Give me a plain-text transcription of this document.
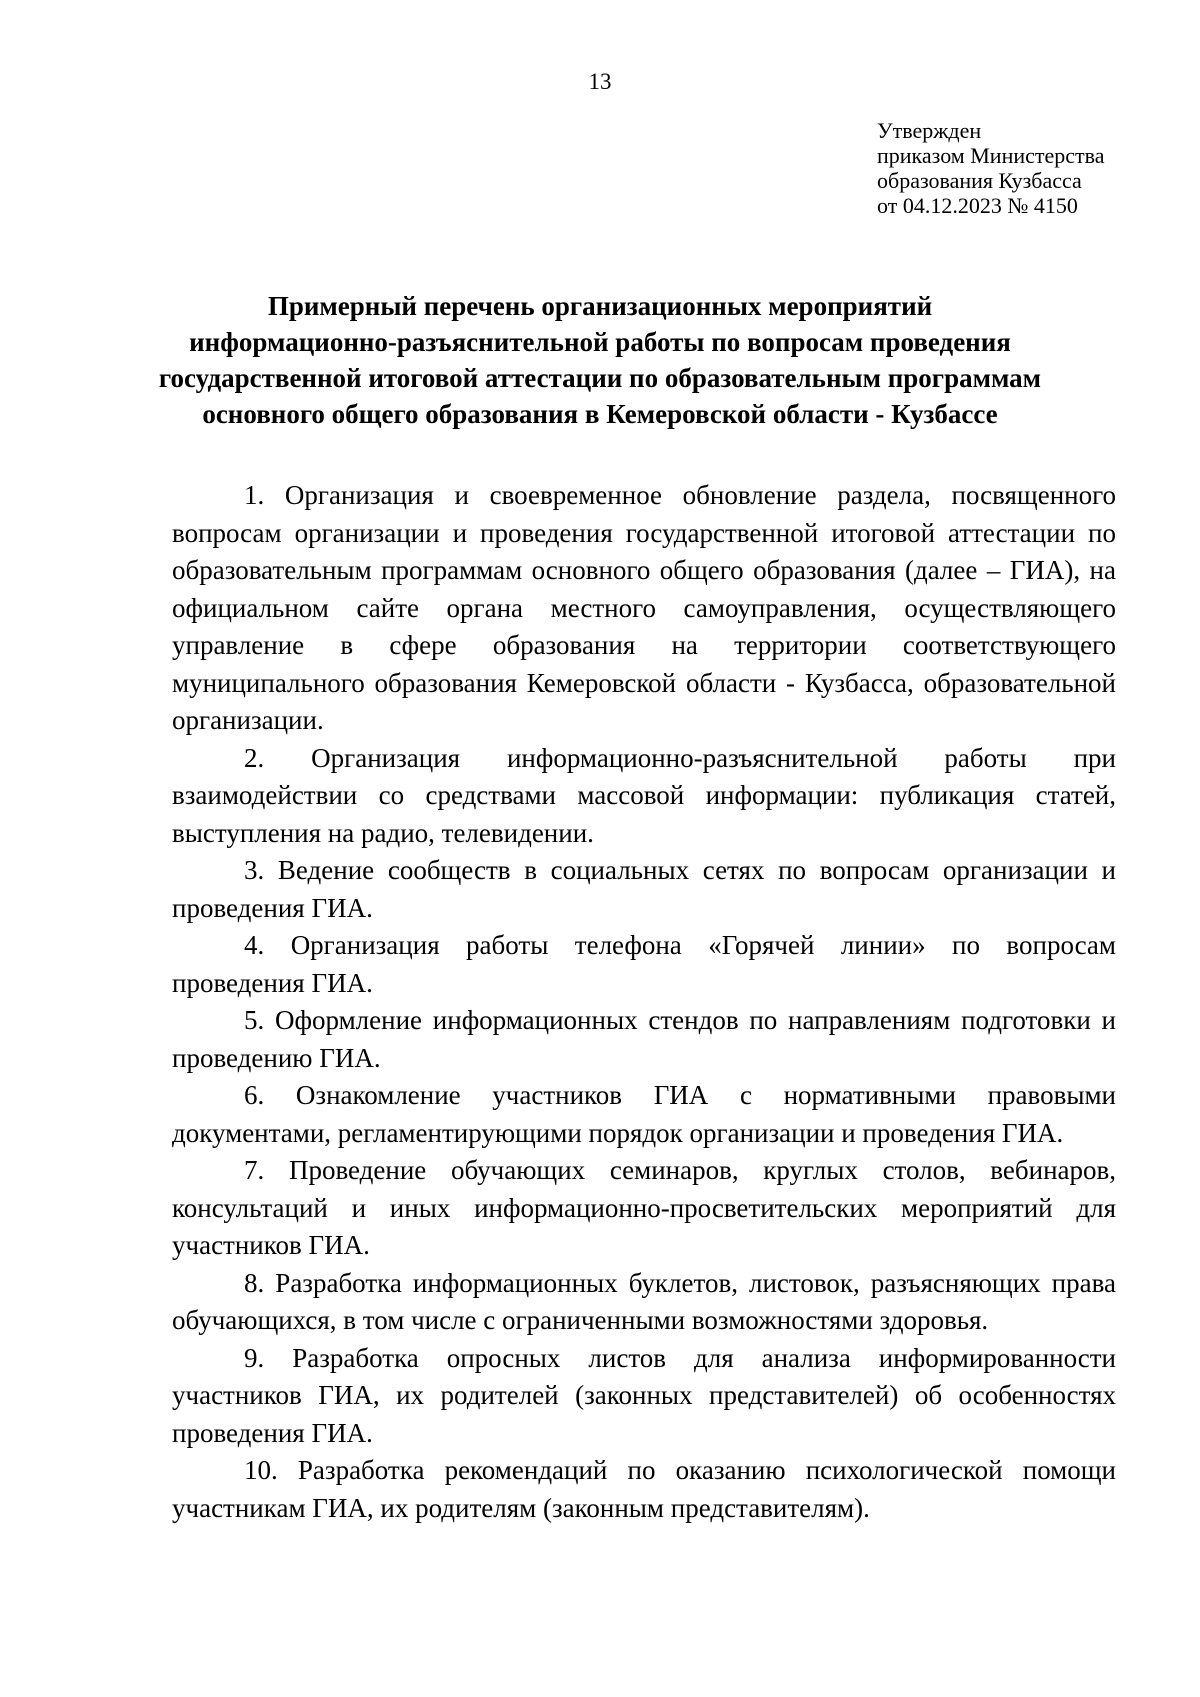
13
Утвержден
приказом Министерства
образования Кузбасса
от 04.12.2023 № 4150
Примерный перечень организационных мероприятий
информационно-разъяснительной работы по вопросам проведения
государственной итоговой аттестации по образовательным программам
основного общего образования в Кемеровской области - Кузбассе

1. Организация и своевременное обновление раздела, посвященного вопросам организации и проведения государственной итоговой аттестации по образовательным программам основного общего образования (далее – ГИА), на официальном сайте органа местного самоуправления, осуществляющего управление в сфере образования на территории соответствующего муниципального образования Кемеровской области - Кузбасса, образовательной организации.

2. Организация информационно-разъяснительной работы при взаимодействии со средствами массовой информации: публикация статей, выступления на радио, телевидении.

3. Ведение сообществ в социальных сетях по вопросам организации и проведения ГИА.

4. Организация работы телефона «Горячей линии» по вопросам проведения ГИА.

5. Оформление информационных стендов по направлениям подготовки и проведению ГИА.

6. Ознакомление участников ГИА с нормативными правовыми документами, регламентирующими порядок организации и проведения ГИА.

7. Проведение обучающих семинаров, круглых столов, вебинаров, консультаций и иных информационно-просветительских мероприятий для участников ГИА.

8. Разработка информационных буклетов, листовок, разъясняющих права обучающихся, в том числе с ограниченными возможностями здоровья.

9. Разработка опросных листов для анализа информированности участников ГИА, их родителей (законных представителей) об особенностях проведения ГИА.

10. Разработка рекомендаций по оказанию психологической помощи участникам ГИА, их родителям (законным представителям).
